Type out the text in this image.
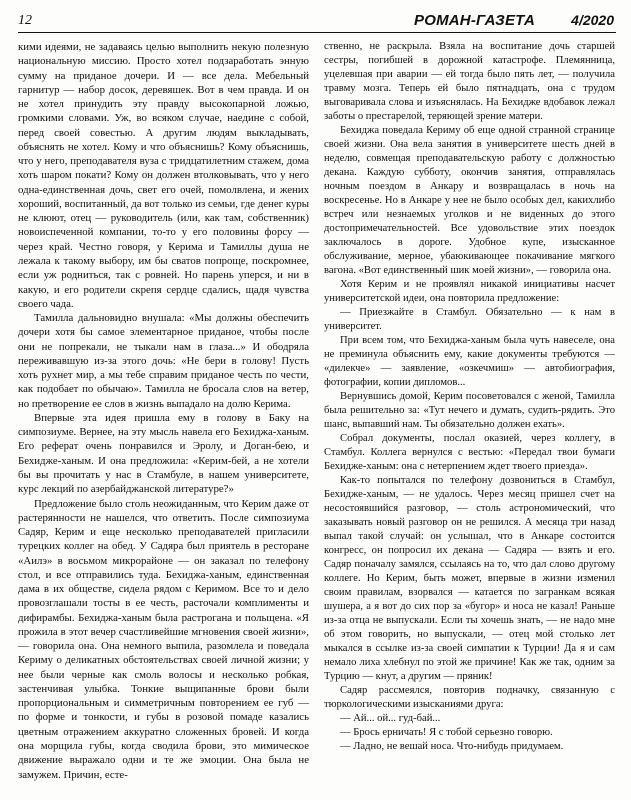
12	РОМАН-ГАЗЕТА	4/2020

кими идеями, не задаваясь целью выполнить некую полезную национальную миссию. Просто хотел подзаработать энную сумму на приданое дочери. И — все дела. Мебельный гарнитур — набор досок, деревяшек. Вот в чем правда. И он не хотел принудить эту правду высокопарной ложью, громкими словами. Уж, во всяком случае, наедине с собой, перед своей совестью. А другим людям выкладывать, объяснять не хотел. Кому и что объяснишь? Кому объяснишь, что у него, преподавателя вуза с тридцатилетним стажем, дома хоть шаром покати? Кому он должен втолковывать, что у него одна-единственная дочь, свет его очей, помолвлена, и жених хороший, воспитанный, да вот только из семьи, где денег куры не клюют, отец — руководитель (или, как там, собственник) новоиспеченной компании, то-то у его половины форсу — через край. Честно говоря, у Керима и Тамиллы душа не лежала к такому выбору, им бы сватов попроще, поскромнее, если уж родниться, так с ровней. Но парень уперся, и ни в какую, и его родители скрепя сердце сдались, щадя чувства своего чада.

Тамилла дальновидно внушала: «Мы должны обеспечить дочери хотя бы самое элементарное приданое, чтобы после они не попрекали, не тыкали нам в глаза...» И ободряла переживавшую из-за этого дочь: «Не бери в голову! Пусть хоть рухнет мир, а мы тебе справим приданое честь по чести, как подобает по обычаю». Тамилла не бросала слов на ветер, но претворение ее слов в жизнь выпадало на долю Керима.

Впервые эта идея пришла ему в голову в Баку на симпозиуме. Вернее, на эту мысль навела его Бехиджа-ханым. Его реферат очень понравился и Эролу, и Доган-бею, и Бехидже-ханым. И она предложила: «Керим-бей, а не хотели бы вы прочитать у нас в Стамбуле, в нашем университете, курс лекций по азербайджанской литературе?»

Предложение было столь неожиданным, что Керим даже от растерянности не нашелся, что ответить. После симпозиума Садяр, Керим и еще несколько преподавателей пригласили турецких коллег на обед. У Садяра был приятель в ресторане «Аилэ» в восьмом микрорайоне — он заказал по телефону стол, и все отправились туда. Бехиджа-ханым, единственная дама в их обществе, сидела рядом с Керимом. Все то и дело провозглашали тосты в ее честь, расточали комплименты и дифирамбы. Бехиджа-ханым была растрогана и польщена. «Я прожила в этот вечер счастливейшие мгновения своей жизни», — говорила она. Она немного выпила, разомлела и поведала Кериму о деликатных обстоятельствах своей личной жизни; у нее были черные как смоль волосы и несколько робкая, застенчивая улыбка. Тонкие выщипанные брови были пропорциональным и симметричным повторением ее губ — по форме и тонкости, и губы в розовой помаде казались цветным отражением аккуратно сложенных бровей. И когда она морщила губы, когда сводила брови, это мимическое движение выражало одни и те же эмоции. Она была не замужем. Причин, есте-

ственно, не раскрыла. Взяла на воспитание дочь старшей сестры, погибшей в дорожной катастрофе. Племянница, уцелевшая при аварии — ей тогда было пять лет, — получила травму мозга. Теперь ей было пятнадцать, она с трудом выговаривала слова и изъяснялась. На Бехидже вдобавок лежал заботы о престарелой, теряющей зрение матери.

Бехиджа поведала Кериму об еще одной странной странице своей жизни. Она вела занятия в университете шесть дней в неделю, совмещая преподавательскую работу с должностью декана. Каждую субботу, окончив занятия, отправлялась ночным поездом в Анкару и возвращалась в ночь на воскресенье. Но в Анкаре у нее не было особых дел, какихлибо встреч или незнаемых уголков и не виденных до этого достопримечательностей. Все удовольствие этих поездок заключалось в дороге. Удобное купе, изысканное обслуживание, мерное, убаюкивающее покачивание мягкого вагона. «Вот единственный шик моей жизни», — говорила она.

Хотя Керим и не проявлял никакой инициативы насчет университетской идеи, она повторила предложение:

— Приезжайте в Стамбул. Обязательно — к нам в университет.

При всем том, что Бехиджа-ханым была чуть навеселе, она не преминула объяснить ему, какие документы требуются — «дилекче» — заявление, «озкечмиш» — автобиография, фотографии, копии дипломов...

Вернувшись домой, Керим посоветовался с женой, Тамилла была решительно за: «Тут нечего и думать, судить-рядить. Это шанс, выпавший нам. Ты обязательно должен ехать».

Собрал документы, послал оказией, через коллегу, в Стамбул. Коллега вернулся с вестью: «Передал твои бумаги Бехидже-ханым: она с нетерпением ждет твоего приезда».

Как-то попытался по телефону дозвониться в Стамбул, Бехидже-ханым, — не удалось. Через месяц пришел счет на несостоявшийся разговор, — столь астрономический, что заказывать новый разговор он не решился. А месяца три назад выпал такой случай: он услышал, что в Анкаре состоится конгресс, он попросил их декана — Садяра — взять и его. Садяр поначалу замялся, ссылаясь на то, что дал слово другому коллеге. Но Керим, быть может, впервые в жизни изменил своим правилам, взорвался — катается по загранкам всякая шушера, а я вот до сих пор за «бугор» и носа не казал! Раньше из-за отца не выпускали. Если ты хочешь знать, — не надо мне об этом говорить, но выпускали, — отец мой столько лет мыкался в ссылке из-за своей симпатии к Турции! Да я и сам немало лиха хлебнул по этой же причине! Как же так, одним за Турцию — кнут, а другим — пряник!

Садяр рассмеялся, повторив подначку, связанную с тюркологическими изысканиями друга:

— Ай... ой... гуд-бай...

— Брось ерничать! Я с тобой серьезно говорю.

— Ладно, не вешай носа. Что-нибудь придумаем.
